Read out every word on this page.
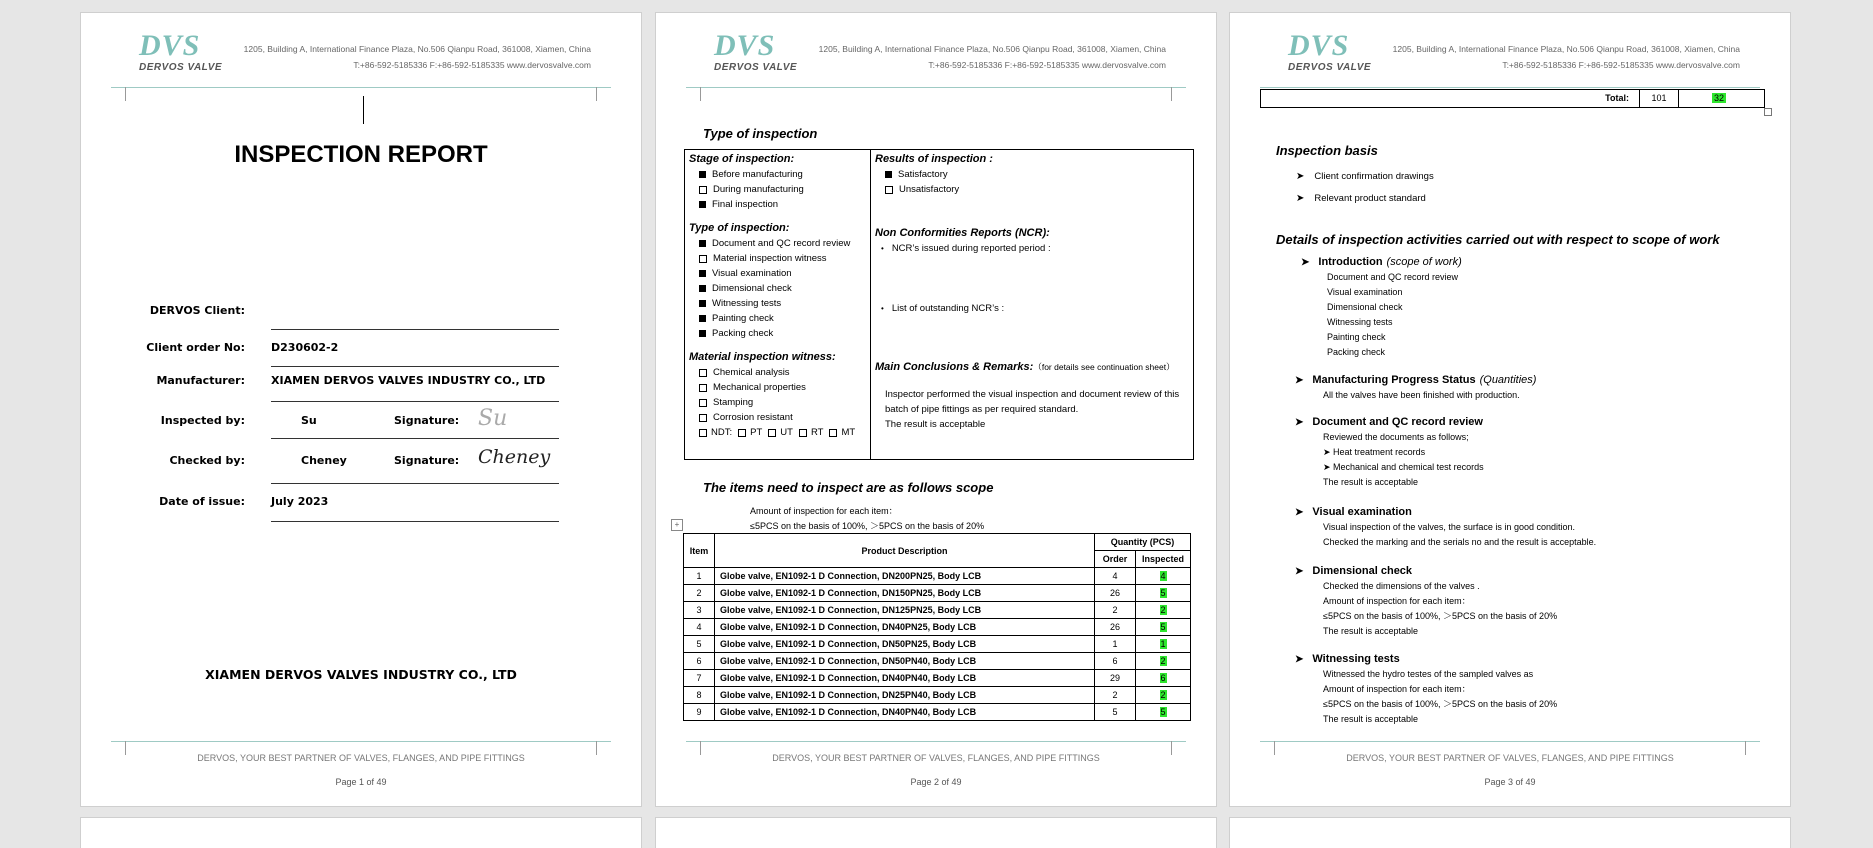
DVS
DERVOS VALVE
1205, Building A, International Finance Plaza, No.506 Qianpu Road, 361008, Xiamen, China
T:+86-592-5185336 F:+86-592-5185335 www.dervosvalve.com
INSPECTION REPORT
DERVOS Client:
Client order No: D230602-2
Manufacturer: XIAMEN DERVOS VALVES INDUSTRY CO., LTD
Inspected by:	Su	Signature: Su
Checked by:	Cheney	Signature: Cheney
Date of issue: July 2023
XIAMEN DERVOS VALVES INDUSTRY CO., LTD
DERVOS, YOUR BEST PARTNER OF VALVES, FLANGES, AND PIPE FITTINGS
Page 1 of 49
DVS
DERVOS VALVE
1205, Building A, International Finance Plaza, No.506 Qianpu Road, 361008, Xiamen, China
T:+86-592-5185336 F:+86-592-5185335 www.dervosvalve.com
Type of inspection
Stage of inspection:
Before manufacturing
During manufacturing
Final inspection
Type of inspection:
Document and QC record review
Material inspection witness
Visual examination
Dimensional check
Witnessing tests
Painting check
Packing check
Material inspection witness:
Chemical analysis
Mechanical properties
Stamping
Corrosion resistant
NDT: PT UT RT MT
Results of inspection :
Satisfactory
Unsatisfactory
Non Conformities Reports (NCR):
• NCR’s issued during reported period :
• List of outstanding NCR’s :
Main Conclusions & Remarks: （for details see continuation sheet）
Inspector performed the visual inspection and document review of this batch of pipe fittings as per required standard.
The result is acceptable
The items need to inspect are as follows scope
Amount of inspection for each item：
≤5PCS on the basis of 100%, ＞5PCS on the basis of 20%
+
Item	Product Description	Quantity (PCS)	
		Order	Inspected
1	Globe valve, EN1092-1 D Connection, DN200PN25, Body LCB	4	4
2	Globe valve, EN1092-1 D Connection, DN150PN25, Body LCB	26	5
3	Globe valve, EN1092-1 D Connection, DN125PN25, Body LCB	2	2
4	Globe valve, EN1092-1 D Connection, DN40PN25, Body LCB	26	5
5	Globe valve, EN1092-1 D Connection, DN50PN25, Body LCB	1	1
6	Globe valve, EN1092-1 D Connection, DN50PN40, Body LCB	6	2
7	Globe valve, EN1092-1 D Connection, DN40PN40, Body LCB	29	6
8	Globe valve, EN1092-1 D Connection, DN25PN40, Body LCB	2	2
9	Globe valve, EN1092-1 D Connection, DN40PN40, Body LCB	5	5
DERVOS, YOUR BEST PARTNER OF VALVES, FLANGES, AND PIPE FITTINGS
Page 2 of 49
DVS
DERVOS VALVE
1205, Building A, International Finance Plaza, No.506 Qianpu Road, 361008, Xiamen, China
T:+86-592-5185336 F:+86-592-5185335 www.dervosvalve.com
Total:	101	32
Inspection basis
➤ Client confirmation drawings
➤ Relevant product standard
Details of inspection activities carried out with respect to scope of work
➤ Introduction (scope of work)
Document and QC record review
Visual examination
Dimensional check
Witnessing tests
Painting check
Packing check
➤ Manufacturing Progress Status (Quantities)
All the valves have been finished with production.
➤ Document and QC record review
Reviewed the documents as follows;
➤ Heat treatment records
➤ Mechanical and chemical test records
The result is acceptable
➤ Visual examination
Visual inspection of the valves, the surface is in good condition.
Checked the marking and the serials no and the result is acceptable.
➤ Dimensional check
Checked the dimensions of the valves .
Amount of inspection for each item：
≤5PCS on the basis of 100%, ＞5PCS on the basis of 20%
The result is acceptable
➤ Witnessing tests
Witnessed the hydro testes of the sampled valves as
Amount of inspection for each item：
≤5PCS on the basis of 100%, ＞5PCS on the basis of 20%
The result is acceptable
DERVOS, YOUR BEST PARTNER OF VALVES, FLANGES, AND PIPE FITTINGS
Page 3 of 49
